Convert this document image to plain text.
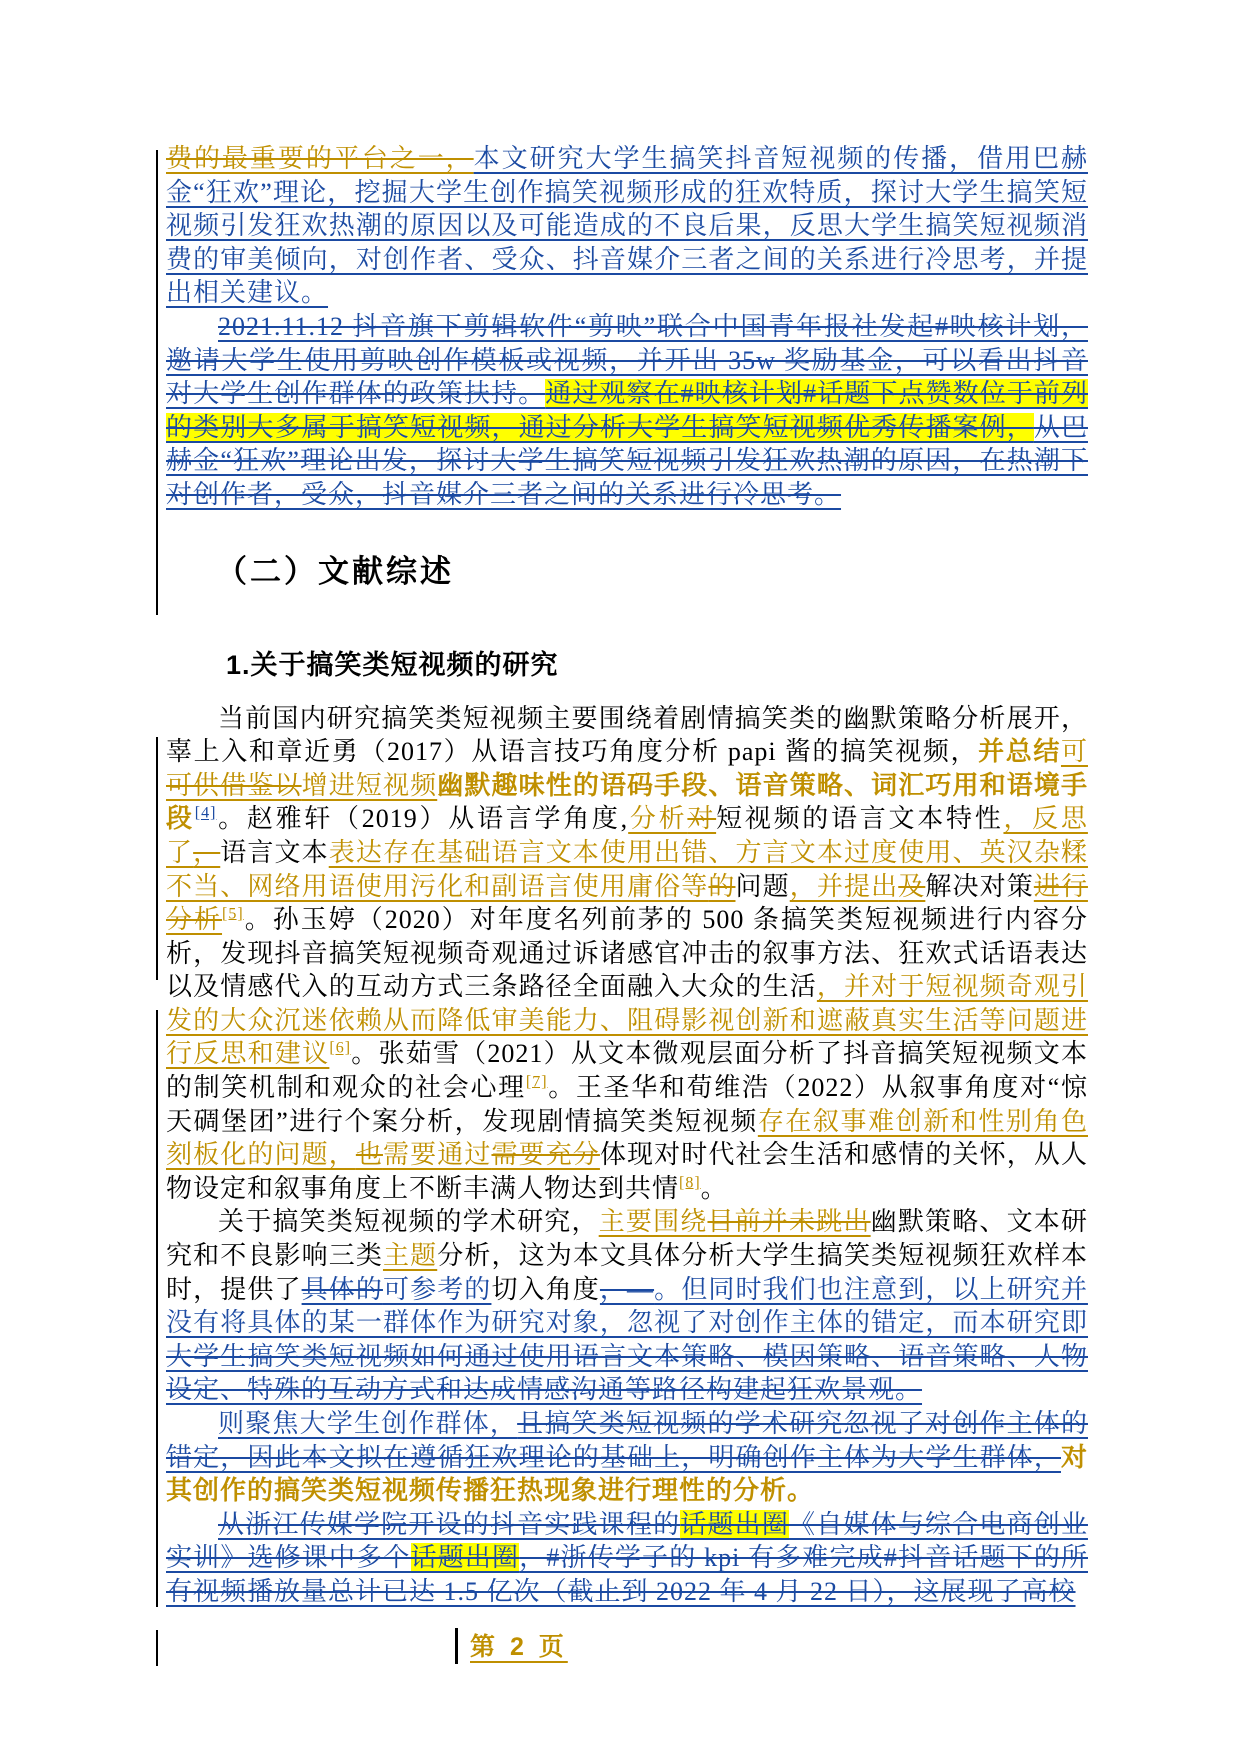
费的最重要的平台之一，本文研究大学生搞笑抖音短视频的传播，借用巴赫金“狂欢”理论，挖掘大学生创作搞笑视频形成的狂欢特质，探讨大学生搞笑短视频引发狂欢热潮的原因以及可能造成的不良后果，反思大学生搞笑短视频消费的审美倾向，对创作者、受众、抖音媒介三者之间的关系进行冷思考，并提出相关建议。

2021.11.12 抖音旗下剪辑软件“剪映”联合中国青年报社发起#映核计划，邀请大学生使用剪映创作模板或视频，并开出 35w 奖励基金，可以看出抖音对大学生创作群体的政策扶持。通过观察在#映核计划#话题下点赞数位于前列的类别大多属于搞笑短视频，通过分析大学生搞笑短视频优秀传播案例，从巴赫金“狂欢”理论出发，探讨大学生搞笑短视频引发狂欢热潮的原因，在热潮下对创作者，受众，抖音媒介三者之间的关系进行冷思考。

（二）文献综述
1.关于搞笑类短视频的研究

当前国内研究搞笑类短视频主要围绕着剧情搞笑类的幽默策略分析展开，辜上入和章近勇（2017）从语言技巧角度分析 papi 酱的搞笑视频，并总结可可供借鉴以增进短视频幽默趣味性的语码手段、语音策略、词汇巧用和语境手段[4]。赵雅轩（2019）从语言学角度,分析对短视频的语言文本特性，反思了，语言文本表达存在基础语言文本使用出错、方言文本过度使用、英汉杂糅不当、网络用语使用污化和副语言使用庸俗等的问题，并提出及解决对策进行分析[5]。孙玉婷（2020）对年度名列前茅的 500 条搞笑类短视频进行内容分析，发现抖音搞笑短视频奇观通过诉诸感官冲击的叙事方法、狂欢式话语表达以及情感代入的互动方式三条路径全面融入大众的生活，并对于短视频奇观引发的大众沉迷依赖从而降低审美能力、阻碍影视创新和遮蔽真实生活等问题进行反思和建议[6]。张茹雪（2021）从文本微观层面分析了抖音搞笑短视频文本的制笑机制和观众的社会心理[7]。王圣华和荀维浩（2022）从叙事角度对“惊天碉堡团”进行个案分析，发现剧情搞笑类短视频存在叙事难创新和性别角色刻板化的问题，也需要通过需要充分体现对时代社会生活和感情的关怀，从人物设定和叙事角度上不断丰满人物达到共情[8]。

关于搞笑类短视频的学术研究，主要围绕目前并未跳出幽默策略、文本研究和不良影响三类主题分析，这为本文具体分析大学生搞笑类短视频狂欢样本时，提供了具体的可参考的切入角度，—。但同时我们也注意到，以上研究并没有将具体的某一群体作为研究对象，忽视了对创作主体的错定，而本研究即大学生搞笑类短视频如何通过使用语言文本策略、模因策略、语音策略、人物设定、特殊的互动方式和达成情感沟通等路径构建起狂欢景观。

则聚焦大学生创作群体，且搞笑类短视频的学术研究忽视了对创作主体的错定，因此本文拟在遵循狂欢理论的基础上，明确创作主体为大学生群体，对其创作的搞笑类短视频传播狂热现象进行理性的分析。

从浙江传媒学院开设的抖音实践课程的话题出圈《自媒体与综合电商创业实训》选修课中多个话题出圈，#浙传学子的 kpi 有多难完成#抖音话题下的所有视频播放量总计已达 1.5 亿次（截止到 2022 年 4 月 22 日），这展现了高校

第 2 页
